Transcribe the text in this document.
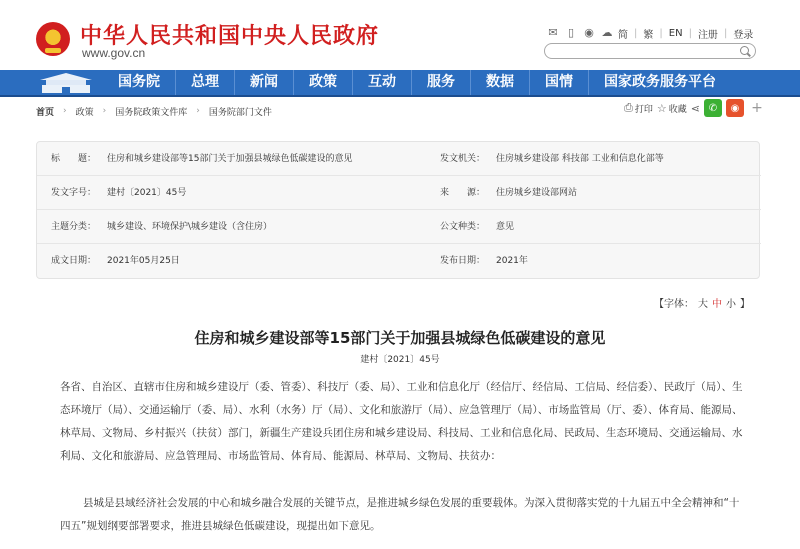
中华人民共和国中央人民政府
www.gov.cn
✉ ▯ ◉ ☁ 简 | 繁 | EN | 注册 | 登录
国务院	总理	新闻	政策	互动	服务	数据	国情	国家政务服务平台
首页 › 政策 › 国务院政策文件库 › 国务院部门文件	⎙ 打印 ☆ 收藏 ⋖ ✆	◉ +
标　　题： 住房和城乡建设部等15部门关于加强县城绿色低碳建设的意见	发文机关： 住房城乡建设部 科技部 工业和信息化部等
发文字号： 建村〔2021〕45号	来　　源： 住房城乡建设部网站
主题分类： 城乡建设、环境保护\城乡建设（含住房）	公文种类： 意见
成文日期： 2021年05月25日	发布日期： 2021年
【字体： 大 中 小 】
住房和城乡建设部等15部门关于加强县城绿色低碳建设的意见
建村〔2021〕45号

各省、自治区、直辖市住房和城乡建设厅（委、管委）、科技厅（委、局）、工业和信息化厅（经信厅、经信局、工信局、经信委）、民政厅（局）、生态环境厅（局）、交通运输厅（委、局）、水利（水务）厅（局）、文化和旅游厅（局）、应急管理厅（局）、市场监管局（厅、委）、体育局、能源局、林草局、文物局、乡村振兴（扶贫）部门，新疆生产建设兵团住房和城乡建设局、科技局、工业和信息化局、民政局、生态环境局、交通运输局、水利局、文化和旅游局、应急管理局、市场监管局、体育局、能源局、林草局、文物局、扶贫办：

县城是县域经济社会发展的中心和城乡融合发展的关键节点，是推进城乡绿色发展的重要载体。为深入贯彻落实党的十九届五中全会精神和“十四五”规划纲要部署要求，推进县城绿色低碳建设，现提出如下意见。
